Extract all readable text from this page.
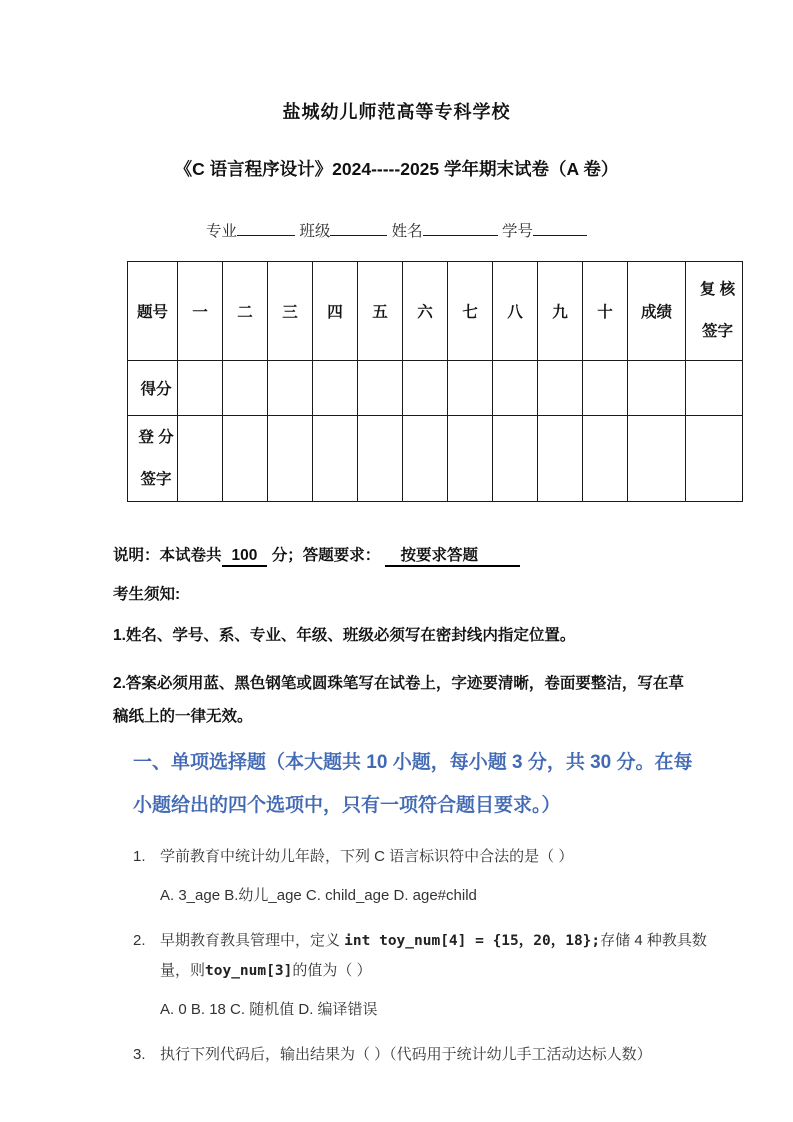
盐城幼儿师范高等专科学校
《C 语言程序设计》2024-----2025 学年期末试卷（A 卷）
专业	班级	姓名	学号
题号	一	二	三	四	五	六	七	八	九	十	成绩	复 核
签字

得分												

登 分
签字												

说明：本试卷共 100 分；答题要求： 按要求答题
考生须知:
1.姓名、学号、系、专业、年级、班级必须写在密封线内指定位置。
2.答案必须用蓝、黑色钢笔或圆珠笔写在试卷上，字迹要清晰，卷面要整洁，写在草稿纸上的一律无效。
一、单项选择题（本大题共 10 小题，每小题 3 分，共 30 分。在每小题给出的四个选项中，只有一项符合题目要求。）
1. 学前教育中统计幼儿年龄，下列 C 语言标识符中合法的是（ ）
A. 3_age B.幼儿_age C. child_age D. age#child
2. 早期教育教具管理中，定义 int toy_num[4] = {15，20，18};存储 4 种教具数量，则toy_num[3]的值为（ ）
A. 0 B. 18 C. 随机值 D. 编译错误
3. 执行下列代码后，输出结果为（ ）（代码用于统计幼儿手工活动达标人数）
